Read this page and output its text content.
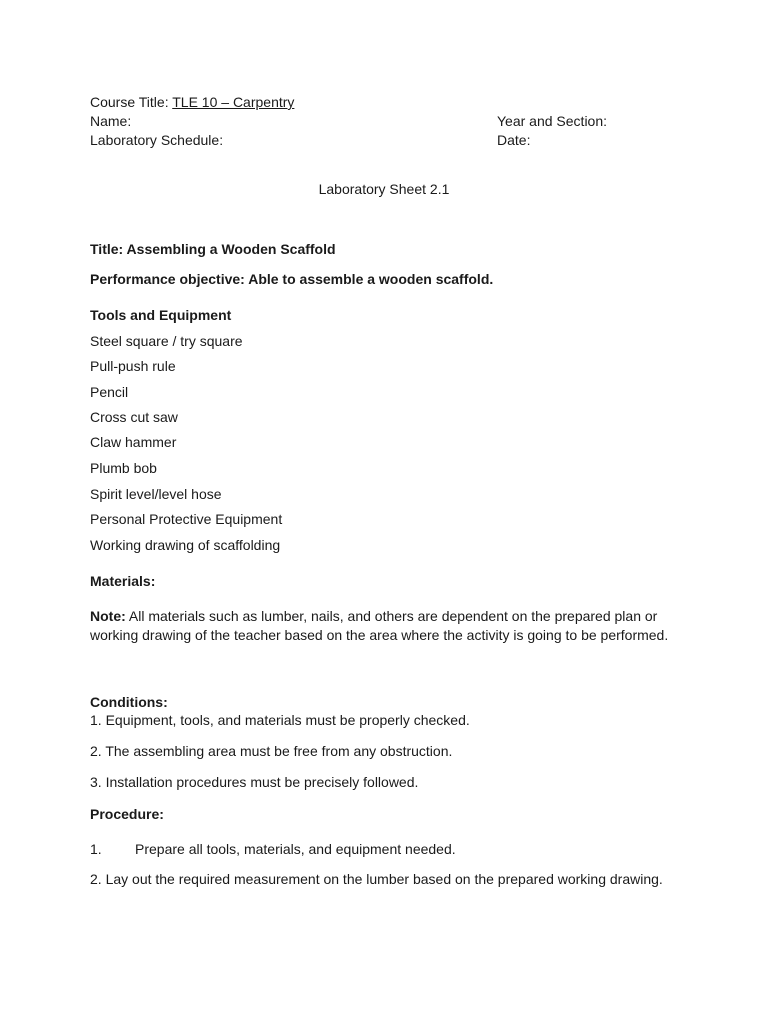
Course Title: TLE 10 – Carpentry
Name:	Year and Section:
Laboratory Schedule:	Date:
Laboratory Sheet 2.1
Title: Assembling a Wooden Scaffold
Performance objective: Able to assemble a wooden scaffold.
Tools and Equipment
Steel square / try square
Pull-push rule
Pencil
Cross cut saw
Claw hammer
Plumb bob
Spirit level/level hose
Personal Protective Equipment
Working drawing of scaffolding
Materials:
Note: All materials such as lumber, nails, and others are dependent on the prepared plan or working drawing of the teacher based on the area where the activity is going to be performed.
Conditions:
1. Equipment, tools, and materials must be properly checked.
2. The assembling area must be free from any obstruction.
3. Installation procedures must be precisely followed.
Procedure:
1. Prepare all tools, materials, and equipment needed.
2. Lay out the required measurement on the lumber based on the prepared working drawing.
